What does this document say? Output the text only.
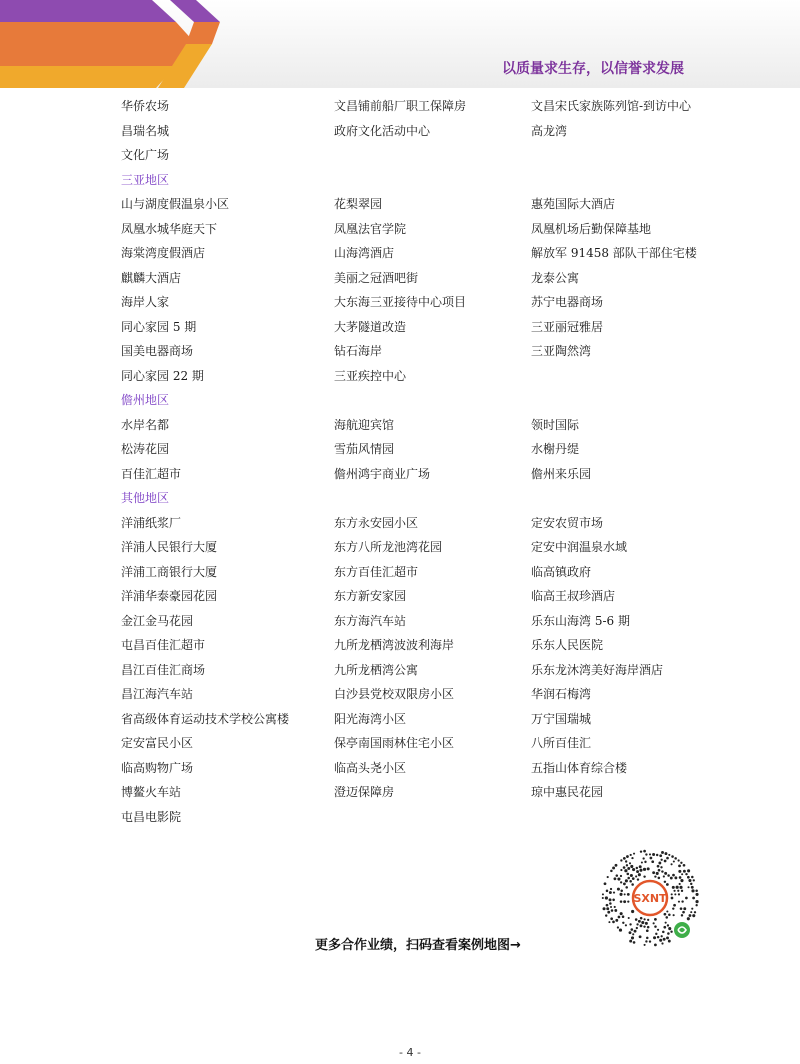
以质量求生存，以信誉求发展
华侨农场	文昌铺前船厂职工保障房	文昌宋氏家族陈列馆-到访中心
昌瑞名城	政府文化活动中心	高龙湾
文化广场
三亚地区
山与湖度假温泉小区	花梨翠园	惠苑国际大酒店
凤凰水城华庭天下	凤凰法官学院	凤凰机场后勤保障基地
海棠湾度假酒店	山海湾酒店	解放军 91458 部队干部住宅楼
麒麟大酒店	美丽之冠酒吧街	龙泰公寓
海岸人家	大东海三亚接待中心项目	苏宁电器商场
同心家园 5 期	大茅隧道改造	三亚丽冠雅居
国美电器商场	钻石海岸	三亚陶然湾
同心家园 22 期	三亚疾控中心
儋州地区
水岸名都	海航迎宾馆	领时国际
松涛花园	雪茄风情园	水榭丹缇
百佳汇超市	儋州鸿宇商业广场	儋州来乐园
其他地区
洋浦纸浆厂	东方永安园小区	定安农贸市场
洋浦人民银行大厦	东方八所龙池湾花园	定安中润温泉水域
洋浦工商银行大厦	东方百佳汇超市	临高镇政府
洋浦华泰豪园花园	东方新安家园	临高王叔珍酒店
金江金马花园	东方海汽车站	乐东山海湾 5-6 期
屯昌百佳汇超市	九所龙栖湾波波利海岸	乐东人民医院
昌江百佳汇商场	九所龙栖湾公寓	乐东龙沐湾美好海岸酒店
昌江海汽车站	白沙县党校双限房小区	华润石梅湾
省高级体育运动技术学校公寓楼	阳光海湾小区	万宁国瑞城
定安富民小区	保亭南国雨林住宅小区	八所百佳汇
临高购物广场	临高头尧小区	五指山体育综合楼
博鳌火车站	澄迈保障房	琼中惠民花园
屯昌电影院
SXNT
更多合作业绩，扫码查看案例地图→
- 4 -
